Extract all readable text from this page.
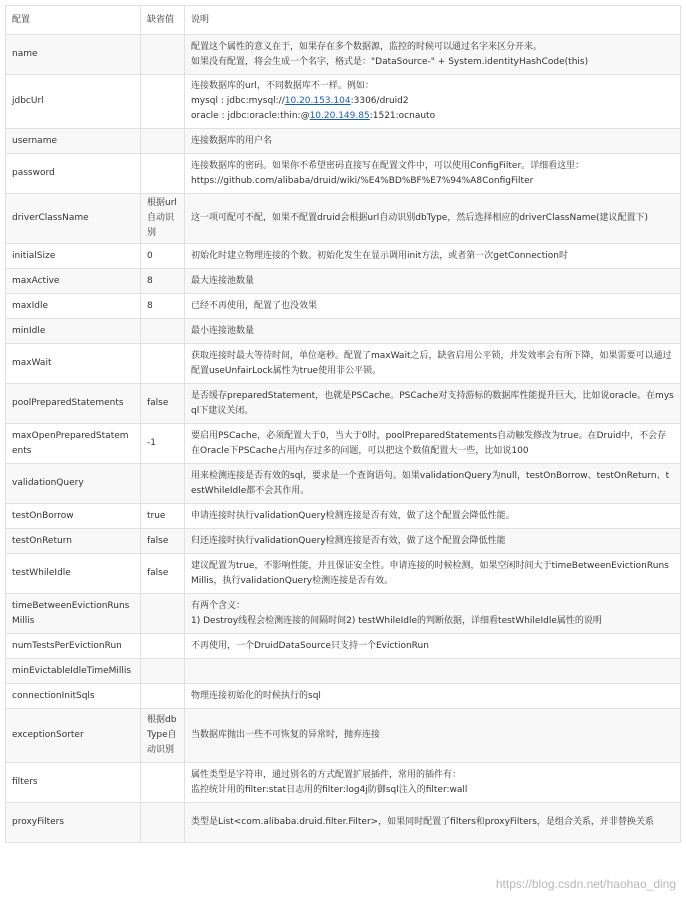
配置	缺省值	说明
name		配置这个属性的意义在于，如果存在多个数据源，监控的时候可以通过名字来区分开来。
如果没有配置，将会生成一个名字，格式是："DataSource-" + System.identityHashCode(this)

jdbcUrl		连接数据库的url，不同数据库不一样。例如：
mysql : jdbc:mysql://10.20.153.104:3306/druid2
oracle : jdbc:oracle:thin:@10.20.149.85:1521:ocnauto

username		连接数据库的用户名
password		连接数据库的密码。如果你不希望密码直接写在配置文件中，可以使用ConfigFilter。详细看这里：
https://github.com/alibaba/druid/wiki/%E4%BD%BF%E7%94%A8ConfigFilter

driverClassName	根据url自动识别	这一项可配可不配，如果不配置druid会根据url自动识别dbType，然后选择相应的driverClassName(建议配置下)
initialSize	0	初始化时建立物理连接的个数。初始化发生在显示调用init方法，或者第一次getConnection时
maxActive	8	最大连接池数量
maxIdle	8	已经不再使用，配置了也没效果
minIdle		最小连接池数量
maxWait		获取连接时最大等待时间，单位毫秒。配置了maxWait之后，缺省启用公平锁，并发效率会有所下降，如果需要可以通过配置useUnfairLock属性为true使用非公平锁。
poolPreparedStatements	false	是否缓存preparedStatement，也就是PSCache。PSCache对支持游标的数据库性能提升巨大，比如说oracle。在mysql下建议关闭。
maxOpenPreparedStatements	-1	要启用PSCache，必须配置大于0，当大于0时，poolPreparedStatements自动触发修改为true。在Druid中，不会存在Oracle下PSCache占用内存过多的问题，可以把这个数值配置大一些，比如说100
validationQuery		用来检测连接是否有效的sql，要求是一个查询语句。如果validationQuery为null，testOnBorrow、testOnReturn、testWhileIdle都不会其作用。
testOnBorrow	true	申请连接时执行validationQuery检测连接是否有效，做了这个配置会降低性能。
testOnReturn	false	归还连接时执行validationQuery检测连接是否有效，做了这个配置会降低性能
testWhileIdle	false	建议配置为true，不影响性能，并且保证安全性。申请连接的时候检测，如果空闲时间大于timeBetweenEvictionRunsMillis，执行validationQuery检测连接是否有效。
timeBetweenEvictionRunsMillis		有两个含义：
1) Destroy线程会检测连接的间隔时间2) testWhileIdle的判断依据，详细看testWhileIdle属性的说明

numTestsPerEvictionRun		不再使用，一个DruidDataSource只支持一个EvictionRun
minEvictableIdleTimeMillis		
connectionInitSqls		物理连接初始化的时候执行的sql
exceptionSorter	根据dbType自动识别	当数据库抛出一些不可恢复的异常时，抛弃连接
filters		属性类型是字符串，通过别名的方式配置扩展插件，常用的插件有：
监控统计用的filter:stat日志用的filter:log4j防御sql注入的filter:wall

proxyFilters		类型是List<com.alibaba.druid.filter.Filter>，如果同时配置了filters和proxyFilters，是组合关系，并非替换关系
https://blog.csdn.net/haohao_ding
